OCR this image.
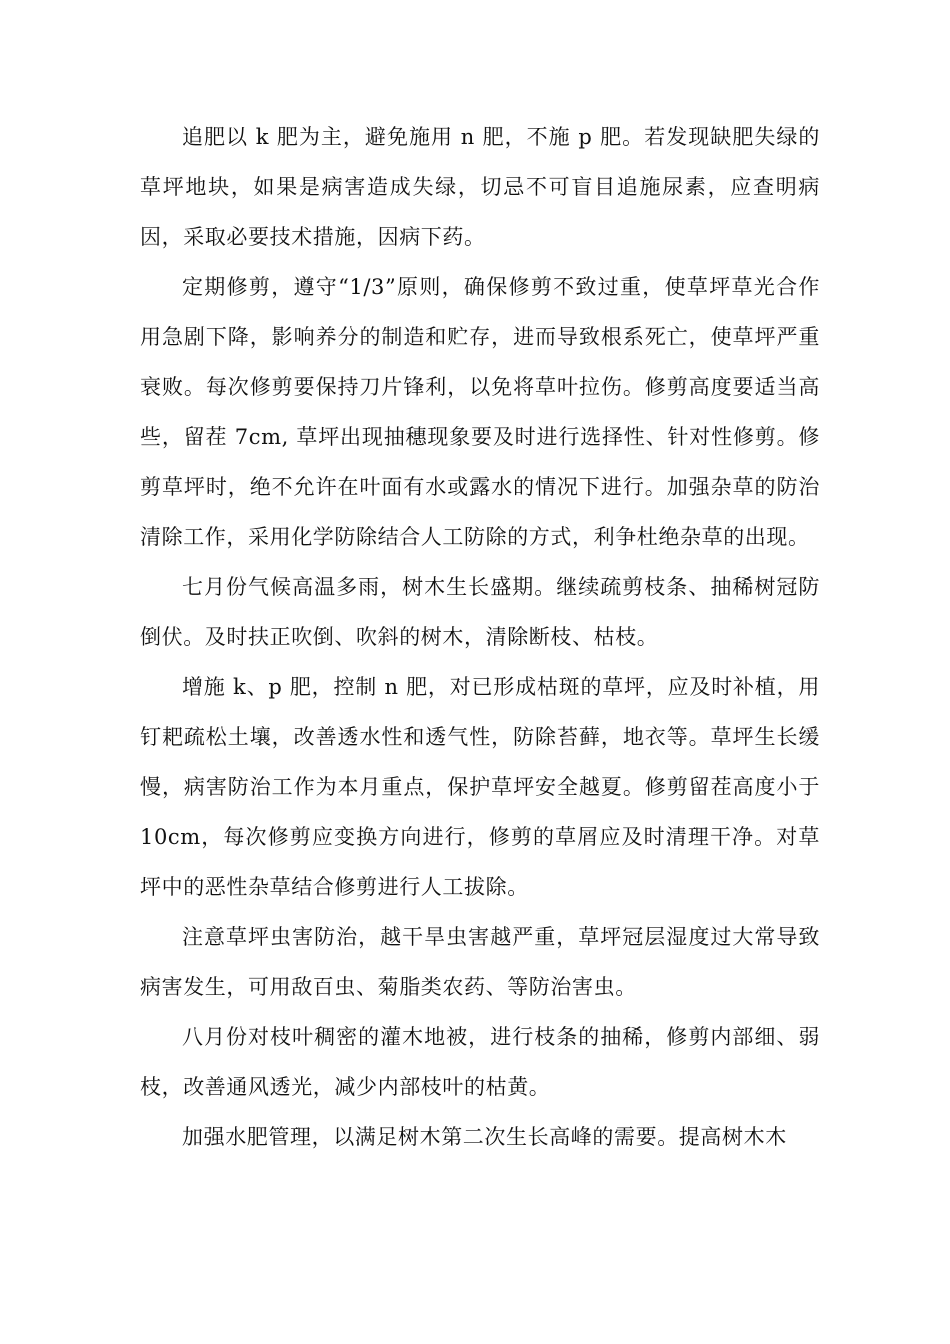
追肥以 k 肥为主，避免施用 n 肥，不施 p 肥。若发现缺肥失绿的草坪地块，如果是病害造成失绿，切忌不可盲目追施尿素，应查明病因，采取必要技术措施，因病下药。

定期修剪，遵守“1/3”原则，确保修剪不致过重，使草坪草光合作用急剧下降，影响养分的制造和贮存，进而导致根系死亡，使草坪严重衰败。每次修剪要保持刀片锋利，以免将草叶拉伤。修剪高度要适当高些，留茬 7cm, 草坪出现抽穗现象要及时进行选择性、针对性修剪。修剪草坪时，绝不允许在叶面有水或露水的情况下进行。加强杂草的防治清除工作，采用化学防除结合人工防除的方式，利争杜绝杂草的出现。

七月份气候高温多雨，树木生长盛期。继续疏剪枝条、抽稀树冠防倒伏。及时扶正吹倒、吹斜的树木，清除断枝、枯枝。

增施 k、p 肥，控制 n 肥，对已形成枯斑的草坪，应及时补植，用钉耙疏松土壤，改善透水性和透气性，防除苔藓，地衣等。草坪生长缓慢，病害防治工作为本月重点，保护草坪安全越夏。修剪留茬高度小于 10cm，每次修剪应变换方向进行，修剪的草屑应及时清理干净。对草坪中的恶性杂草结合修剪进行人工拔除。

注意草坪虫害防治，越干旱虫害越严重，草坪冠层湿度过大常导致病害发生，可用敌百虫、菊脂类农药、等防治害虫。

八月份对枝叶稠密的灌木地被，进行枝条的抽稀，修剪内部细、弱枝，改善通风透光，减少内部枝叶的枯黄。

加强水肥管理，以满足树木第二次生长高峰的需要。提高树木木
